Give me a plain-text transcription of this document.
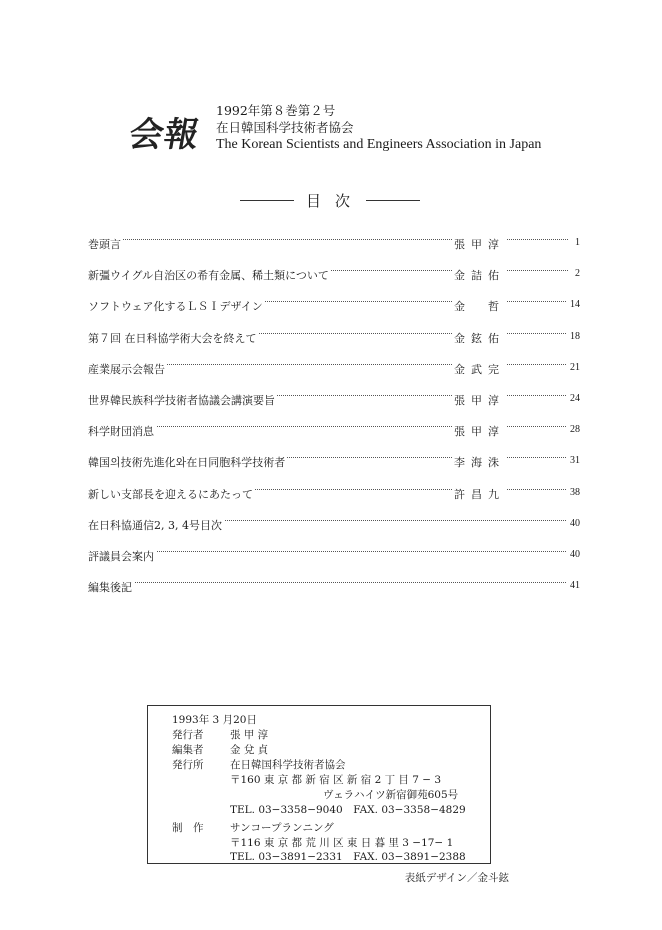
会報
1992年第８巻第２号
在日韓国科学技術者協会
The Korean Scientists and Engineers Association in Japan
目次
巻頭言	張甲淳	1
新彊ウイグル自治区の希有金属、稀土類について	金詰佑	2
ソフトウェア化するＬＳＩデザイン	金　哲	14
第７回 在日科協学術大会を終えて	金鉉佑	18
産業展示会報告	金武完	21
世界韓民族科学技術者協議会講演要旨	張甲淳	24
科学財団消息	張甲淳	28
韓国의技術先進化와在日同胞科学技術者	李海洙	31
新しい支部長を迎えるにあたって	許昌九	38
在日科協通信2, 3, 4号目次	40
評議員会案内	40
編集後記	41
1993年 3 月20日
発行者	張 甲 淳
編集者	金 兌 貞
発行所	在日韓国科学技術者協会
〒160 東 京 都 新 宿 区 新 宿 2 丁 目 7 − 3
ヴェラハイツ新宿御苑605号
TEL. 03−3358−9040　FAX. 03−3358−4829
制　作	サンコープランニング
〒116 東 京 都 荒 川 区 東 日 暮 里 3 −17− 1
TEL. 03−3891−2331　FAX. 03−3891−2388
表紙デザイン／金斗鉉
